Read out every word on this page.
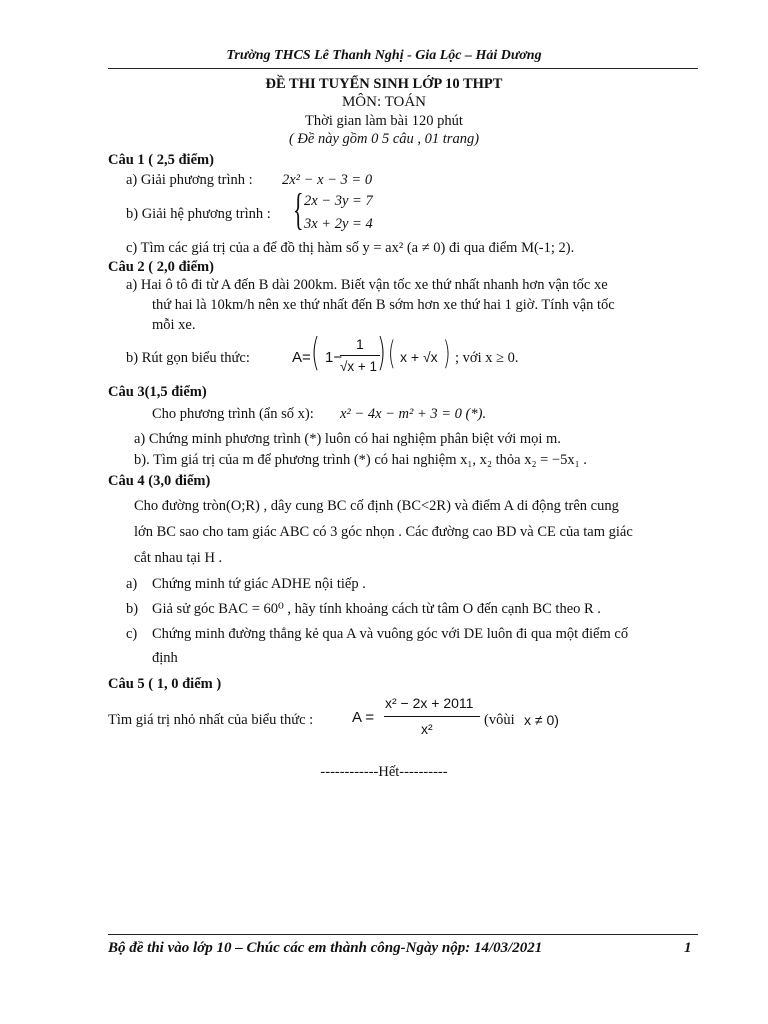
Trường THCS Lê Thanh Nghị - Gia Lộc – Hải Dương
ĐỀ THI TUYỂN SINH LỚP 10 THPT
MÔN: TOÁN
Thời gian làm bài 120 phút
( Đề này gồm 0 5 câu , 01 trang)
Câu 1 ( 2,5 điểm)
a) Giải phương trình : 2x² − x − 3 = 0
b) Giải hệ phương trình : { 2x − 3y = 7
3x + 2y = 4
c) Tìm các giá trị của a để đồ thị hàm số y = ax² (a ≠ 0) đi qua điểm M(-1; 2).
Câu 2 ( 2,0 điểm)
a) Hai ô tô đi từ A đến B dài 200km. Biết vận tốc xe thứ nhất nhanh hơn vận tốc xe
thứ hai là 10km/h nên xe thứ nhất đến B sớm hơn xe thứ hai 1 giờ. Tính vận tốc
mỗi xe.
b) Rút gọn biểu thức:	A= ( 1−
1
√x + 1 ) ( x + √x ) ; với x ≥ 0.
Câu 3(1,5 điểm)
Cho phương trình (ẩn số x): x² − 4x − m² + 3 = 0 (*).
a) Chứng minh phương trình (*) luôn có hai nghiệm phân biệt với mọi m.
b). Tìm giá trị của m để phương trình (*) có hai nghiệm x₁, x₂ thỏa x₂ = −5x₁ .
Câu 4 (3,0 điểm)
Cho đường tròn(O;R) , dây cung BC cố định (BC<2R) và điểm A di động trên cung
lớn BC sao cho tam giác ABC có 3 góc nhọn . Các đường cao BD và CE của tam giác
cắt nhau tại H .
a) Chứng minh tứ giác ADHE nội tiếp .
b) Giả sử góc BAC = 60⁰ , hãy tính khoảng cách từ tâm O đến cạnh BC theo R .
c) Chứng minh đường thẳng kẻ qua A và vuông góc với DE luôn đi qua một điểm cố
định
Câu 5 ( 1, 0 điểm )
Tìm giá trị nhỏ nhất của biểu thức :	A =
x² − 2x + 2011
x²
(vôùi x ≠ 0)
------------Hết----------
Bộ đề thi vào lớp 10 – Chúc các em thành công-Ngày nộp: 14/03/2021	1
